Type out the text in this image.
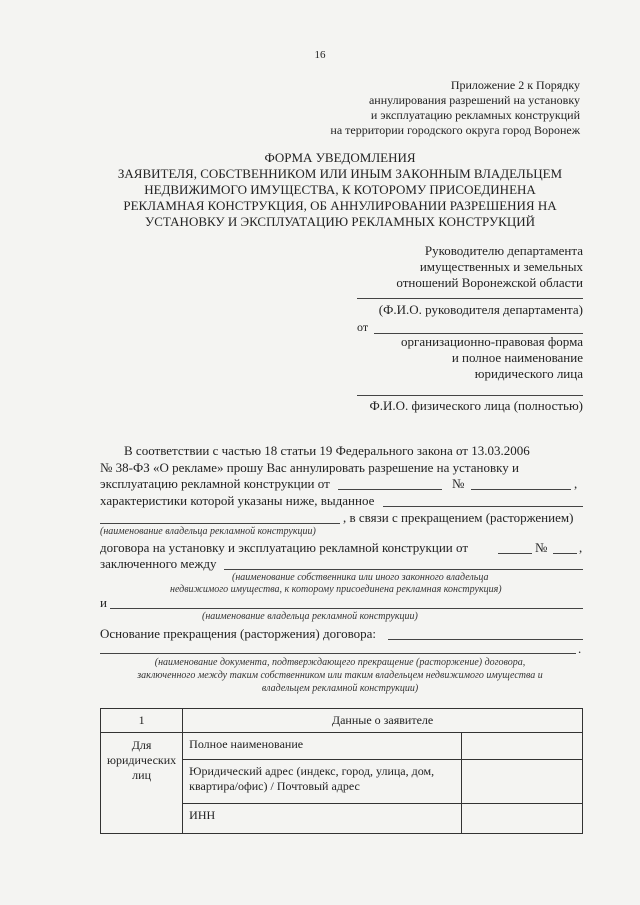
16
Приложение 2 к Порядку
аннулирования разрешений на установку
и эксплуатацию рекламных конструкций
на территории городского округа город Воронеж
ФОРМА УВЕДОМЛЕНИЯ
ЗАЯВИТЕЛЯ, СОБСТВЕННИКОМ ИЛИ ИНЫМ ЗАКОННЫМ ВЛАДЕЛЬЦЕМ
НЕДВИЖИМОГО ИМУЩЕСТВА, К КОТОРОМУ ПРИСОЕДИНЕНА
РЕКЛАМНАЯ КОНСТРУКЦИЯ, ОБ АННУЛИРОВАНИИ РАЗРЕШЕНИЯ НА
УСТАНОВКУ И ЭКСПЛУАТАЦИЮ РЕКЛАМНЫХ КОНСТРУКЦИЙ
Руководителю департамента
имущественных и земельных
отношений Воронежской области
(Ф.И.О. руководителя департамента)
от
организационно-правовая форма
и полное наименование
юридического лица
Ф.И.О. физического лица (полностью)
В соответствии с частью 18 статьи 19 Федерального закона от 13.03.2006
№ 38-ФЗ «О рекламе» прошу Вас аннулировать разрешение на установку и
эксплуатацию рекламной конструкции от	№	,
характеристики которой указаны ниже, выданное
, в связи с прекращением (расторжением)
(наименование владельца рекламной конструкции)
договора на установку и эксплуатацию рекламной конструкции от	№ ,
заключенного между
(наименование собственника или иного законного владельца
недвижимого имущества, к которому присоединена рекламная конструкция)
и
(наименование владельца рекламной конструкции)
Основание прекращения (расторжения) договора:
.
(наименование документа, подтверждающего прекращение (расторжение) договора,
заключенного между таким собственником или таким владельцем недвижимого имущества и
владельцем рекламной конструкции)
1	Данные о заявителе	
Для юридических лиц	Полное наименование	
	Юридический адрес (индекс, город, улица, дом, квартира/офис) / Почтовый адрес	
	ИНН	
